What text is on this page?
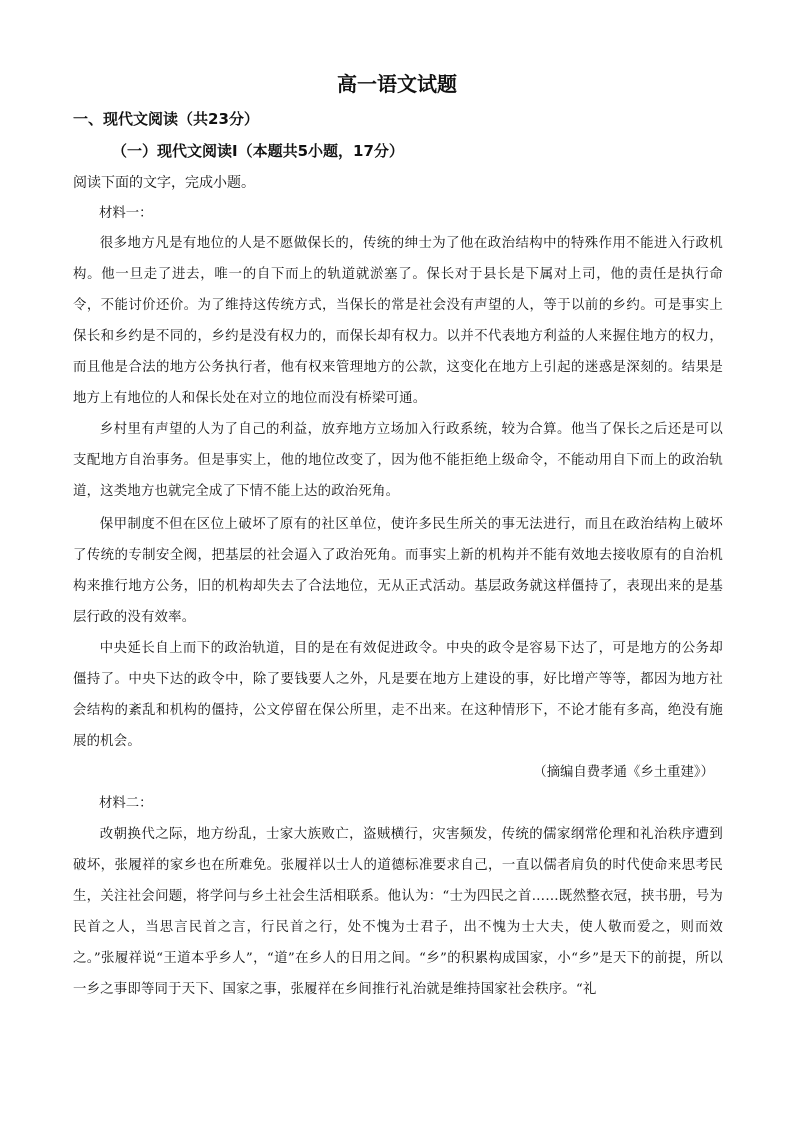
高一语文试题
一、现代文阅读（共23分）
（一）现代文阅读Ⅰ（本题共5小题，17分）
阅读下面的文字，完成小题。
材料一：
很多地方凡是有地位的人是不愿做保长的，传统的绅士为了他在政治结构中的特殊作用不能进入行政机构。他一旦走了进去，唯一的自下而上的轨道就淤塞了。保长对于县长是下属对上司，他的责任是执行命令，不能讨价还价。为了维持这传统方式，当保长的常是社会没有声望的人，等于以前的乡约。可是事实上保长和乡约是不同的，乡约是没有权力的，而保长却有权力。以并不代表地方利益的人来握住地方的权力，而且他是合法的地方公务执行者，他有权来管理地方的公款，这变化在地方上引起的迷惑是深刻的。结果是地方上有地位的人和保长处在对立的地位而没有桥梁可通。
乡村里有声望的人为了自己的利益，放弃地方立场加入行政系统，较为合算。他当了保长之后还是可以支配地方自治事务。但是事实上，他的地位改变了，因为他不能拒绝上级命令，不能动用自下而上的政治轨道，这类地方也就完全成了下情不能上达的政治死角。
保甲制度不但在区位上破坏了原有的社区单位，使许多民生所关的事无法进行，而且在政治结构上破坏了传统的专制安全阀，把基层的社会逼入了政治死角。而事实上新的机构并不能有效地去接收原有的自治机构来推行地方公务，旧的机构却失去了合法地位，无从正式活动。基层政务就这样僵持了，表现出来的是基层行政的没有效率。
中央延长自上而下的政治轨道，目的是在有效促进政令。中央的政令是容易下达了，可是地方的公务却僵持了。中央下达的政令中，除了要钱要人之外，凡是要在地方上建设的事，好比增产等等，都因为地方社会结构的紊乱和机构的僵持，公文停留在保公所里，走不出来。在这种情形下，不论才能有多高，绝没有施展的机会。
（摘编自费孝通《乡土重建》）
材料二：
改朝换代之际，地方纷乱，士家大族败亡，盗贼横行，灾害频发，传统的儒家纲常伦理和礼治秩序遭到破坏，张履祥的家乡也在所难免。张履祥以士人的道德标准要求自己，一直以儒者肩负的时代使命来思考民生，关注社会问题，将学问与乡土社会生活相联系。他认为：“士为四民之首……既然整衣冠，挟书册，号为民首之人，当思言民首之言，行民首之行，处不愧为士君子，出不愧为士大夫，使人敬而爱之，则而效之。”张履祥说“王道本乎乡人”，“道”在乡人的日用之间。“乡”的积累构成国家，小“乡”是天下的前提，所以一乡之事即等同于天下、国家之事，张履祥在乡间推行礼治就是维持国家社会秩序。“礼
